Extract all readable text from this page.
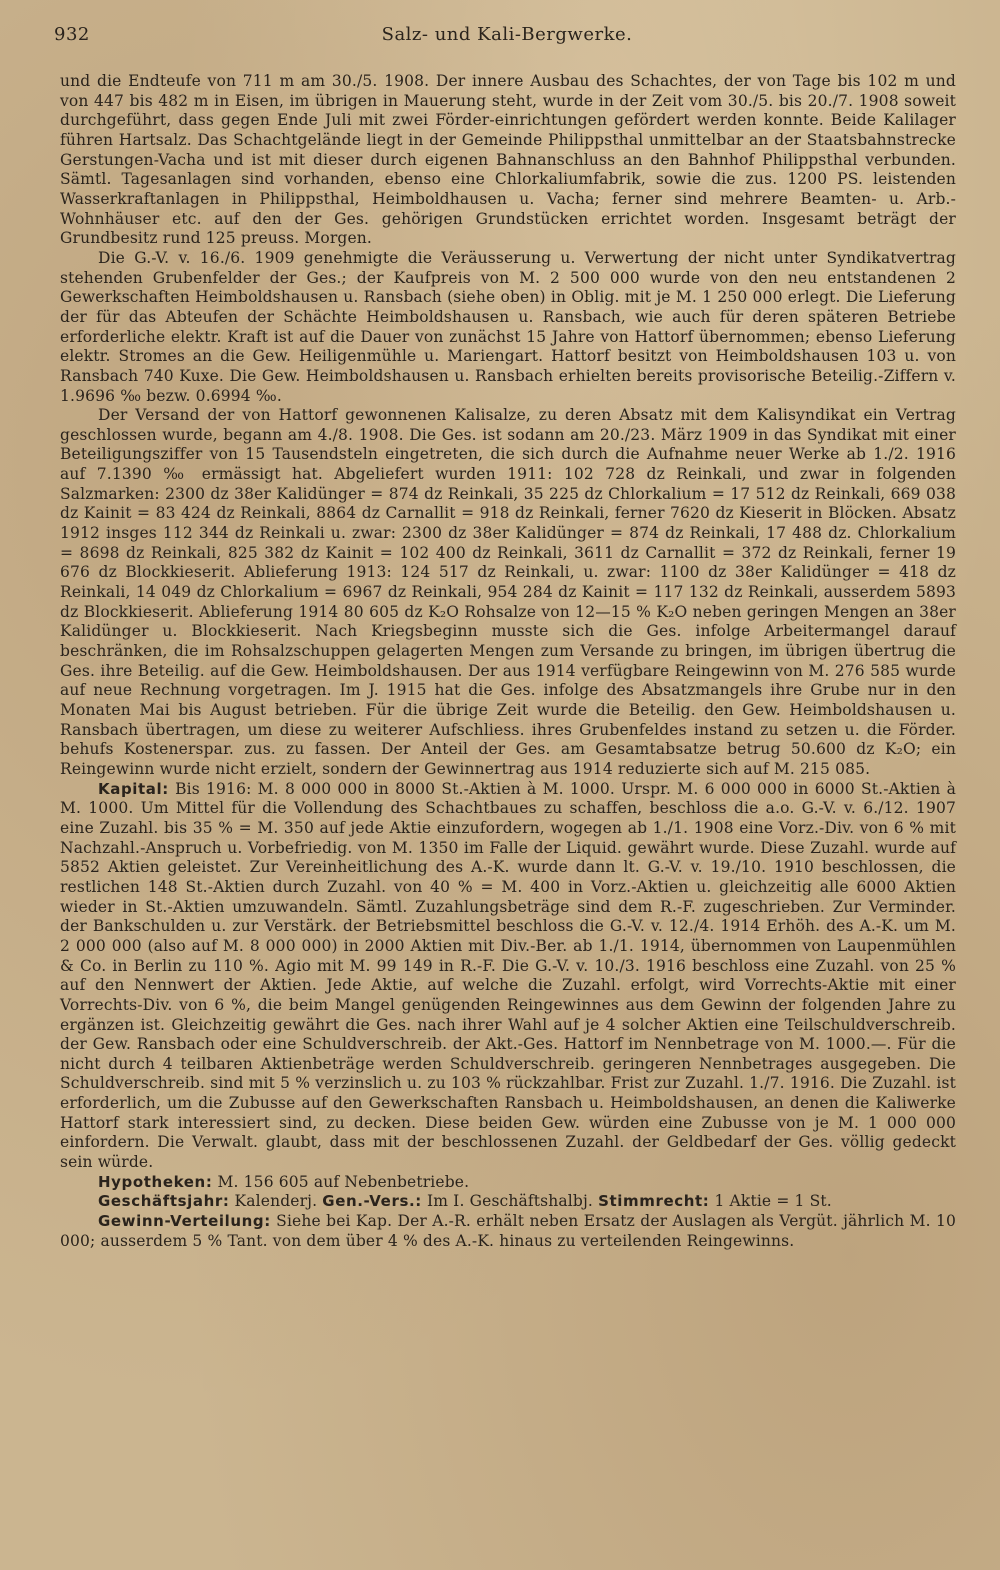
932	Salz- und Kali-Bergwerke.

und die Endteufe von 711 m am 30./5. 1908. Der innere Ausbau des Schachtes, der von Tage bis 102 m und von 447 bis 482 m in Eisen, im übrigen in Mauerung steht, wurde in der Zeit vom 30./5. bis 20./7. 1908 soweit durchgeführt, dass gegen Ende Juli mit zwei Förder-einrichtungen gefördert werden konnte. Beide Kalilager führen Hartsalz. Das Schachtgelände liegt in der Gemeinde Philippsthal unmittelbar an der Staatsbahnstrecke Gerstungen-Vacha und ist mit dieser durch eigenen Bahnanschluss an den Bahnhof Philippsthal verbunden. Sämtl. Tagesanlagen sind vorhanden, ebenso eine Chlorkaliumfabrik, sowie die zus. 1200 PS. leistenden Wasserkraftanlagen in Philippsthal, Heimboldhausen u. Vacha; ferner sind mehrere Beamten- u. Arb.-Wohnhäuser etc. auf den der Ges. gehörigen Grundstücken errichtet worden. Insgesamt beträgt der Grundbesitz rund 125 preuss. Morgen.

Die G.-V. v. 16./6. 1909 genehmigte die Veräusserung u. Verwertung der nicht unter Syndikatvertrag stehenden Grubenfelder der Ges.; der Kaufpreis von M. 2 500 000 wurde von den neu entstandenen 2 Gewerkschaften Heimboldshausen u. Ransbach (siehe oben) in Oblig. mit je M. 1 250 000 erlegt. Die Lieferung der für das Abteufen der Schächte Heimboldshausen u. Ransbach, wie auch für deren späteren Betriebe erforderliche elektr. Kraft ist auf die Dauer von zunächst 15 Jahre von Hattorf übernommen; ebenso Lieferung elektr. Stromes an die Gew. Heiligenmühle u. Mariengart. Hattorf besitzt von Heimboldshausen 103 u. von Ransbach 740 Kuxe. Die Gew. Heimboldshausen u. Ransbach erhielten bereits provisorische Beteilig.-Ziffern v. 1.9696 ‰ bezw. 0.6994 ‰.

Der Versand der von Hattorf gewonnenen Kalisalze, zu deren Absatz mit dem Kalisyndikat ein Vertrag geschlossen wurde, begann am 4./8. 1908. Die Ges. ist sodann am 20./23. März 1909 in das Syndikat mit einer Beteiligungsziffer von 15 Tausendsteln eingetreten, die sich durch die Aufnahme neuer Werke ab 1./2. 1916 auf 7.1390 ‰ ermässigt hat. Abgeliefert wurden 1911: 102 728 dz Reinkali, und zwar in folgenden Salzmarken: 2300 dz 38er Kalidünger = 874 dz Reinkali, 35 225 dz Chlorkalium = 17 512 dz Reinkali, 669 038 dz Kainit = 83 424 dz Reinkali, 8864 dz Carnallit = 918 dz Reinkali, ferner 7620 dz Kieserit in Blöcken. Absatz 1912 insges 112 344 dz Reinkali u. zwar: 2300 dz 38er Kalidünger = 874 dz Reinkali, 17 488 dz. Chlorkalium = 8698 dz Reinkali, 825 382 dz Kainit = 102 400 dz Reinkali, 3611 dz Carnallit = 372 dz Reinkali, ferner 19 676 dz Blockkieserit. Ablieferung 1913: 124 517 dz Reinkali, u. zwar: 1100 dz 38er Kalidünger = 418 dz Reinkali, 14 049 dz Chlorkalium = 6967 dz Reinkali, 954 284 dz Kainit = 117 132 dz Reinkali, ausserdem 5893 dz Blockkieserit. Ablieferung 1914 80 605 dz K₂O Rohsalze von 12—15 % K₂O neben geringen Mengen an 38er Kalidünger u. Blockkieserit. Nach Kriegsbeginn musste sich die Ges. infolge Arbeitermangel darauf beschränken, die im Rohsalzschuppen gelagerten Mengen zum Versande zu bringen, im übrigen übertrug die Ges. ihre Beteilig. auf die Gew. Heimboldshausen. Der aus 1914 verfügbare Reingewinn von M. 276 585 wurde auf neue Rechnung vorgetragen. Im J. 1915 hat die Ges. infolge des Absatzmangels ihre Grube nur in den Monaten Mai bis August betrieben. Für die übrige Zeit wurde die Beteilig. den Gew. Heimboldshausen u. Ransbach übertragen, um diese zu weiterer Aufschliess. ihres Grubenfeldes instand zu setzen u. die Förder. behufs Kostenerspar. zus. zu fassen. Der Anteil der Ges. am Gesamtabsatze betrug 50.600 dz K₂O; ein Reingewinn wurde nicht erzielt, sondern der Gewinnertrag aus 1914 reduzierte sich auf M. 215 085.

Kapital: Bis 1916: M. 8 000 000 in 8000 St.-Aktien à M. 1000. Urspr. M. 6 000 000 in 6000 St.-Aktien à M. 1000. Um Mittel für die Vollendung des Schachtbaues zu schaffen, beschloss die a.o. G.-V. v. 6./12. 1907 eine Zuzahl. bis 35 % = M. 350 auf jede Aktie einzufordern, wogegen ab 1./1. 1908 eine Vorz.-Div. von 6 % mit Nachzahl.-Anspruch u. Vorbefriedig. von M. 1350 im Falle der Liquid. gewährt wurde. Diese Zuzahl. wurde auf 5852 Aktien geleistet. Zur Vereinheitlichung des A.-K. wurde dann lt. G.-V. v. 19./10. 1910 beschlossen, die restlichen 148 St.-Aktien durch Zuzahl. von 40 % = M. 400 in Vorz.-Aktien u. gleichzeitig alle 6000 Aktien wieder in St.-Aktien umzuwandeln. Sämtl. Zuzahlungsbeträge sind dem R.-F. zugeschrieben. Zur Verminder. der Bankschulden u. zur Verstärk. der Betriebsmittel beschloss die G.-V. v. 12./4. 1914 Erhöh. des A.-K. um M. 2 000 000 (also auf M. 8 000 000) in 2000 Aktien mit Div.-Ber. ab 1./1. 1914, übernommen von Laupenmühlen & Co. in Berlin zu 110 %. Agio mit M. 99 149 in R.-F. Die G.-V. v. 10./3. 1916 beschloss eine Zuzahl. von 25 % auf den Nennwert der Aktien. Jede Aktie, auf welche die Zuzahl. erfolgt, wird Vorrechts-Aktie mit einer Vorrechts-Div. von 6 %, die beim Mangel genügenden Reingewinnes aus dem Gewinn der folgenden Jahre zu ergänzen ist. Gleichzeitig gewährt die Ges. nach ihrer Wahl auf je 4 solcher Aktien eine Teilschuldverschreib. der Gew. Ransbach oder eine Schuldverschreib. der Akt.-Ges. Hattorf im Nennbetrage von M. 1000.—. Für die nicht durch 4 teilbaren Aktienbeträge werden Schuldverschreib. geringeren Nennbetrages ausgegeben. Die Schuldverschreib. sind mit 5 % verzinslich u. zu 103 % rückzahlbar. Frist zur Zuzahl. 1./7. 1916. Die Zuzahl. ist erforderlich, um die Zubusse auf den Gewerkschaften Ransbach u. Heimboldshausen, an denen die Kaliwerke Hattorf stark interessiert sind, zu decken. Diese beiden Gew. würden eine Zubusse von je M. 1 000 000 einfordern. Die Verwalt. glaubt, dass mit der beschlossenen Zuzahl. der Geldbedarf der Ges. völlig gedeckt sein würde.

Hypotheken: M. 156 605 auf Nebenbetriebe.

Geschäftsjahr: Kalenderj. Gen.-Vers.: Im I. Geschäftshalbj. Stimmrecht: 1 Aktie = 1 St.

Gewinn-Verteilung: Siehe bei Kap. Der A.-R. erhält neben Ersatz der Auslagen als Vergüt. jährlich M. 10 000; ausserdem 5 % Tant. von dem über 4 % des A.-K. hinaus zu verteilenden Reingewinns.
